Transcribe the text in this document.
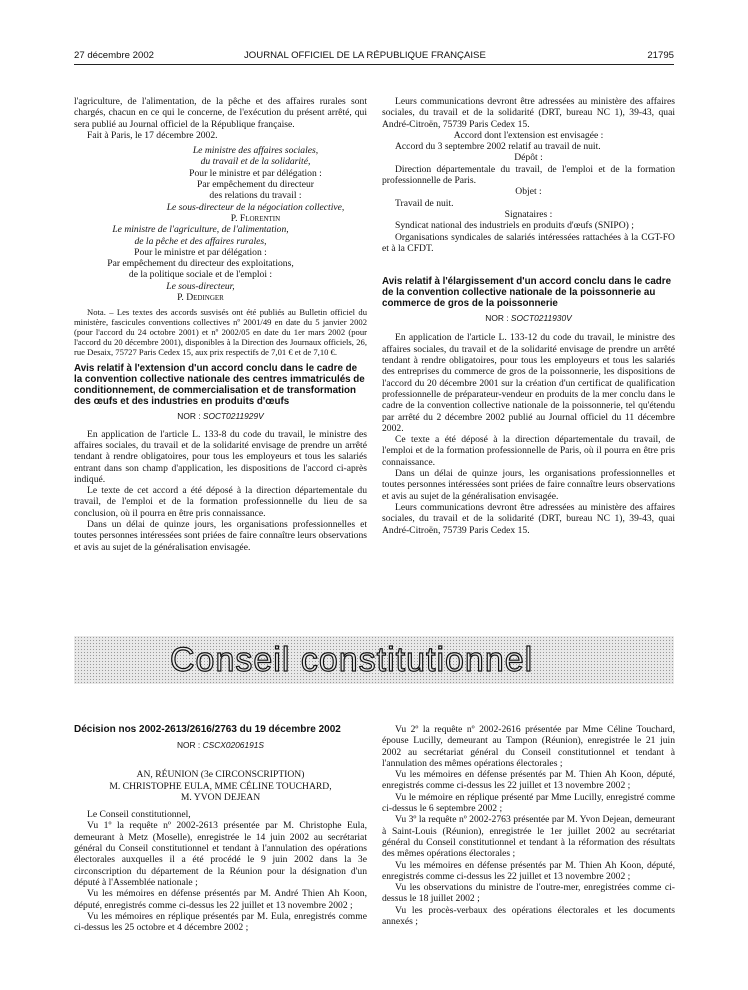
27 décembre 2002	JOURNAL OFFICIEL DE LA RÉPUBLIQUE FRANÇAISE	21795

l'agriculture, de l'alimentation, de la pêche et des affaires rurales sont chargés, chacun en ce qui le concerne, de l'exécution du présent arrêté, qui sera publié au Journal officiel de la République française.

Fait à Paris, le 17 décembre 2002.

Le ministre des affaires sociales,

du travail et de la solidarité,

Pour le ministre et par délégation :

Par empêchement du directeur

des relations du travail :

Le sous-directeur de la négociation collective,

P. Florentin

Le ministre de l'agriculture, de l'alimentation,

de la pêche et des affaires rurales,

Pour le ministre et par délégation :

Par empêchement du directeur des exploitations,

de la politique sociale et de l'emploi :

Le sous-directeur,

P. Dedinger

Nota. – Les textes des accords susvisés ont été publiés au Bulletin officiel du ministère, fascicules conventions collectives nº 2001/49 en date du 5 janvier 2002 (pour l'accord du 24 octobre 2001) et nº 2002/05 en date du 1er mars 2002 (pour l'accord du 20 décembre 2001), disponibles à la Direction des Journaux officiels, 26, rue Desaix, 75727 Paris Cedex 15, aux prix respectifs de 7,01 € et de 7,10 €.

Avis relatif à l'extension d'un accord conclu dans le cadre de la convention collective nationale des centres immatriculés de conditionnement, de commercialisation et de transformation des œufs et des industries en produits d'œufs

NOR : SOCT0211929V

En application de l'article L. 133-8 du code du travail, le ministre des affaires sociales, du travail et de la solidarité envisage de prendre un arrêté tendant à rendre obligatoires, pour tous les employeurs et tous les salariés entrant dans son champ d'application, les dispositions de l'accord ci-après indiqué.

Le texte de cet accord a été déposé à la direction départementale du travail, de l'emploi et de la formation professionnelle du lieu de sa conclusion, où il pourra en être pris connaissance.

Dans un délai de quinze jours, les organisations professionnelles et toutes personnes intéressées sont priées de faire connaître leurs observations et avis au sujet de la généralisation envisagée.

Leurs communications devront être adressées au ministère des affaires sociales, du travail et de la solidarité (DRT, bureau NC 1), 39-43, quai André-Citroën, 75739 Paris Cedex 15.

Accord dont l'extension est envisagée :

Accord du 3 septembre 2002 relatif au travail de nuit.

Dépôt :

Direction départementale du travail, de l'emploi et de la formation professionnelle de Paris.

Objet :

Travail de nuit.

Signataires :

Syndicat national des industriels en produits d'œufs (SNIPO) ;

Organisations syndicales de salariés intéressées rattachées à la CGT-FO et à la CFDT.

Avis relatif à l'élargissement d'un accord conclu dans le cadre de la convention collective nationale de la poissonnerie au commerce de gros de la poissonnerie

NOR : SOCT0211930V

En application de l'article L. 133-12 du code du travail, le ministre des affaires sociales, du travail et de la solidarité envisage de prendre un arrêté tendant à rendre obligatoires, pour tous les employeurs et tous les salariés des entreprises du commerce de gros de la poissonnerie, les dispositions de l'accord du 20 décembre 2001 sur la création d'un certificat de qualification professionnelle de préparateur-vendeur en produits de la mer conclu dans le cadre de la convention collective nationale de la poissonnerie, tel qu'étendu par arrêté du 2 décembre 2002 publié au Journal officiel du 11 décembre 2002.

Ce texte a été déposé à la direction départementale du travail, de l'emploi et de la formation professionnelle de Paris, où il pourra en être pris connaissance.

Dans un délai de quinze jours, les organisations professionnelles et toutes personnes intéressées sont priées de faire connaître leurs observations et avis au sujet de la généralisation envisagée.

Leurs communications devront être adressées au ministère des affaires sociales, du travail et de la solidarité (DRT, bureau NC 1), 39-43, quai André-Citroën, 75739 Paris Cedex 15.

Conseil constitutionnel

Décision nos 2002-2613/2616/2763 du 19 décembre 2002

NOR : CSCX0206191S

AN, RÉUNION (3e CIRCONSCRIPTION)

M. CHRISTOPHE EULA, MME CÉLINE TOUCHARD,

M. YVON DEJEAN

Le Conseil constitutionnel,

Vu 1º la requête nº 2002-2613 présentée par M. Christophe Eula, demeurant à Metz (Moselle), enregistrée le 14 juin 2002 au secrétariat général du Conseil constitutionnel et tendant à l'annulation des opérations électorales auxquelles il a été procédé le 9 juin 2002 dans la 3e circonscription du département de la Réunion pour la désignation d'un député à l'Assemblée nationale ;

Vu les mémoires en défense présentés par M. André Thien Ah Koon, député, enregistrés comme ci-dessus les 22 juillet et 13 novembre 2002 ;

Vu les mémoires en réplique présentés par M. Eula, enregistrés comme ci-dessus les 25 octobre et 4 décembre 2002 ;

Vu 2º la requête nº 2002-2616 présentée par Mme Céline Touchard, épouse Lucilly, demeurant au Tampon (Réunion), enregistrée le 21 juin 2002 au secrétariat général du Conseil constitutionnel et tendant à l'annulation des mêmes opérations électorales ;

Vu les mémoires en défense présentés par M. Thien Ah Koon, député, enregistrés comme ci-dessus les 22 juillet et 13 novembre 2002 ;

Vu le mémoire en réplique présenté par Mme Lucilly, enregistré comme ci-dessus le 6 septembre 2002 ;

Vu 3º la requête nº 2002-2763 présentée par M. Yvon Dejean, demeurant à Saint-Louis (Réunion), enregistrée le 1er juillet 2002 au secrétariat général du Conseil constitutionnel et tendant à la réformation des résultats des mêmes opérations électorales ;

Vu les mémoires en défense présentés par M. Thien Ah Koon, député, enregistrés comme ci-dessus les 22 juillet et 13 novembre 2002 ;

Vu les observations du ministre de l'outre-mer, enregistrées comme ci-dessus le 18 juillet 2002 ;

Vu les procès-verbaux des opérations électorales et les documents annexés ;
